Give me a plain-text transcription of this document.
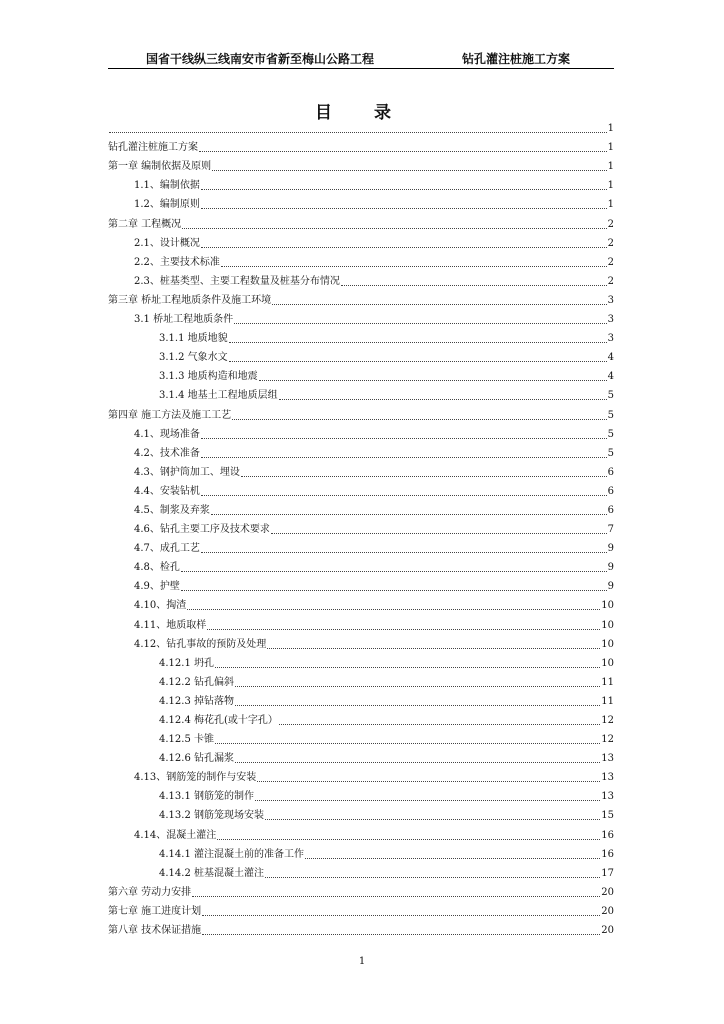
国省干线纵三线南安市省新至梅山公路工程	钻孔灌注桩施工方案
目 录
1
钻孔灌注桩施工方案	1
第一章 编制依据及原则	1
1.1、编制依据	1
1.2、编制原则	1
第二章 工程概况	2
2.1、设计概况	2
2.2、主要技术标准	2
2.3、桩基类型、主要工程数量及桩基分布情况	2
第三章 桥址工程地质条件及施工环境	3
3.1 桥址工程地质条件	3
3.1.1 地质地貌	3
3.1.2 气象水文	4
3.1.3 地质构造和地震	4
3.1.4 地基土工程地质层组	5
第四章 施工方法及施工工艺	5
4.1、现场准备	5
4.2、技术准备	5
4.3、钢护筒加工、埋设	6
4.4、安装钻机	6
4.5、制浆及弃浆	6
4.6、钻孔主要工序及技术要求	7
4.7、成孔工艺	9
4.8、检孔	9
4.9、护壁	9
4.10、掏渣	10
4.11、地质取样	10
4.12、钻孔事故的预防及处理	10
4.12.1 坍孔	10
4.12.2 钻孔偏斜	11
4.12.3 掉钻落物	11
4.12.4 梅花孔(或十字孔）	12
4.12.5 卡锥	12
4.12.6 钻孔漏浆	13
4.13、钢筋笼的制作与安装	13
4.13.1 钢筋笼的制作	13
4.13.2 钢筋笼现场安装	15
4.14、混凝土灌注	16
4.14.1 灌注混凝土前的准备工作	16
4.14.2 桩基混凝土灌注	17
第六章 劳动力安排	20
第七章 施工进度计划	20
第八章 技术保证措施	20
1
